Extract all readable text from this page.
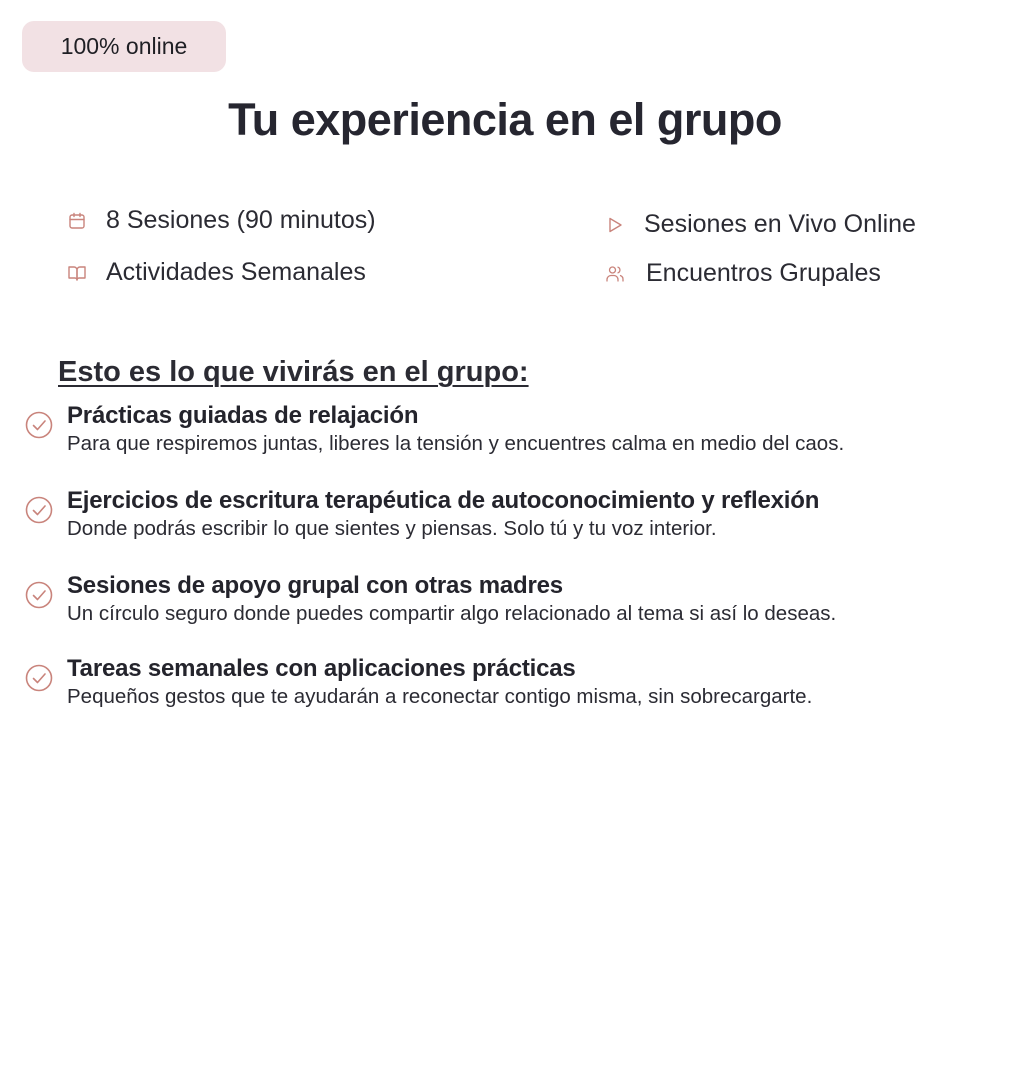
100% online
Tu experiencia en el grupo
8 Sesiones (90 minutos)
Actividades Semanales
Sesiones en Vivo Online
Encuentros Grupales
Esto es lo que vivirás en el grupo:
Prácticas guiadas de relajación
Para que respiremos juntas, liberes la tensión y encuentres calma en medio del caos.
Ejercicios de escritura terapéutica de autoconocimiento y reflexión
Donde podrás escribir lo que sientes y piensas. Solo tú y tu voz interior.
Sesiones de apoyo grupal con otras madres
Un círculo seguro donde puedes compartir algo relacionado al tema si así lo deseas.
Tareas semanales con aplicaciones prácticas
Pequeños gestos que te ayudarán a reconectar contigo misma, sin sobrecargarte.
